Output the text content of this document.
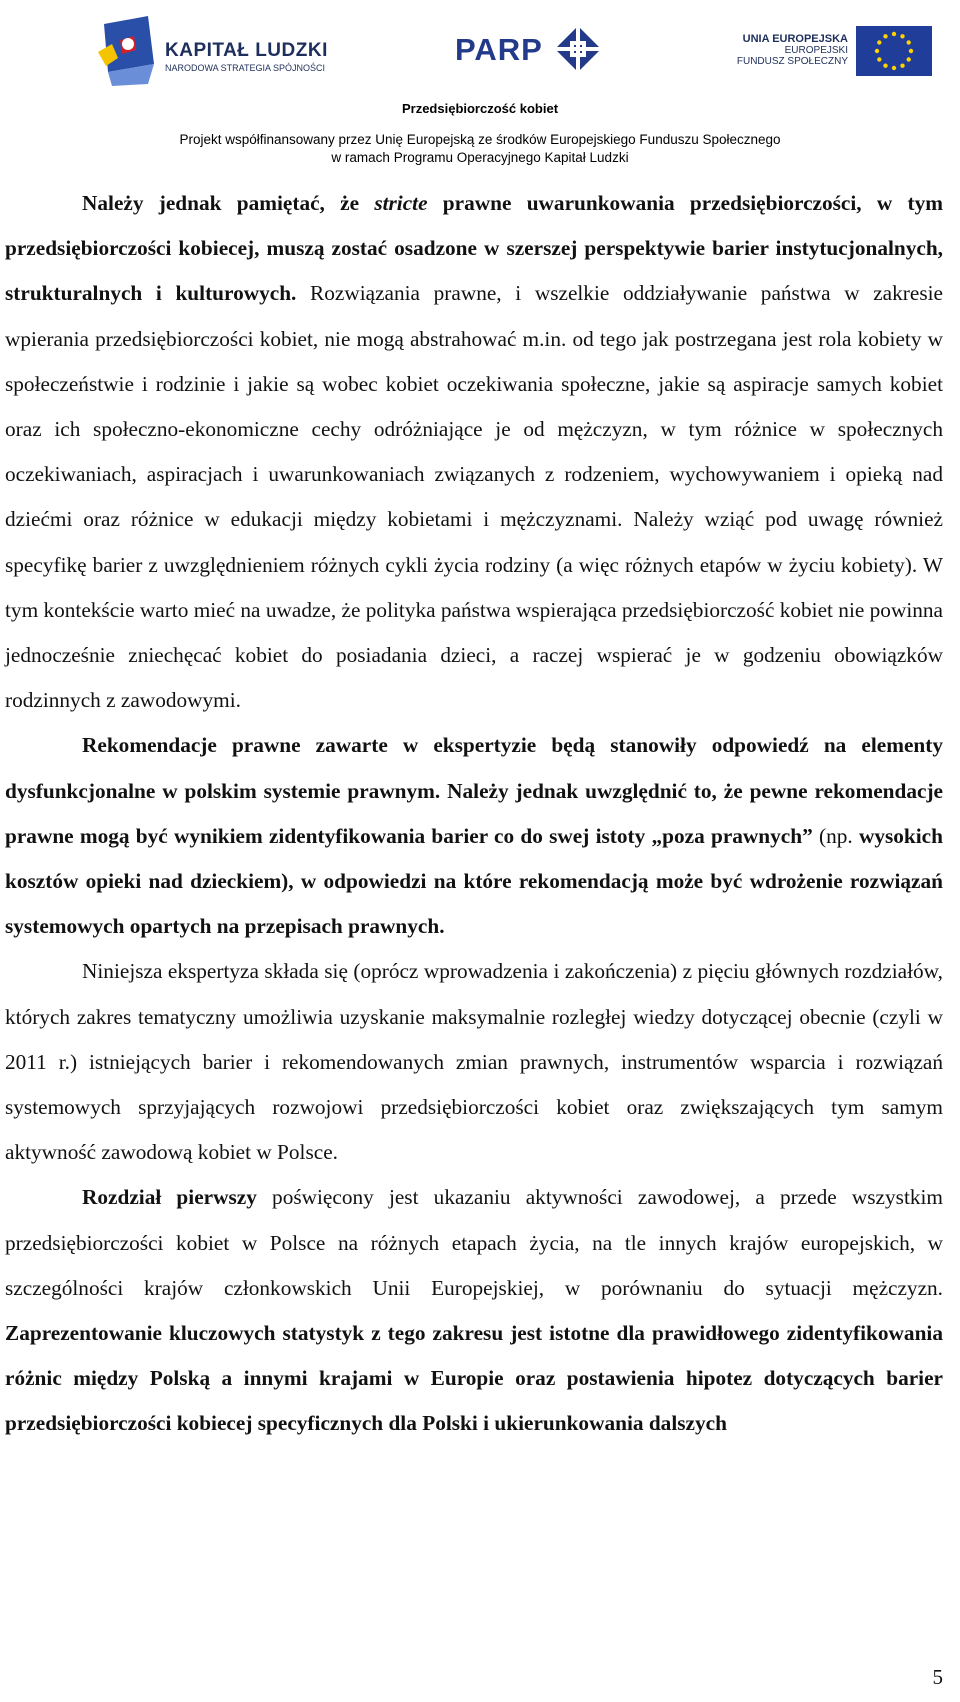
KAPITAŁ LUDZKI
NARODOWA STRATEGIA SPÓJNOŚCI
PARP	UNIA EUROPEJSKA
EUROPEJSKI
FUNDUSZ SPOŁECZNY
Przedsiębiorczość kobiet
Projekt współfinansowany przez Unię Europejską ze środków Europejskiego Funduszu Społecznego
w ramach Programu Operacyjnego Kapitał Ludzki

Należy jednak pamiętać, że stricte prawne uwarunkowania przedsiębiorczości, w tym przedsiębiorczości kobiecej, muszą zostać osadzone w szerszej perspektywie barier instytucjonalnych, strukturalnych i kulturowych. Rozwiązania prawne, i wszelkie oddziaływanie państwa w zakresie wpierania przedsiębiorczości kobiet, nie mogą abstrahować m.in. od tego jak postrzegana jest rola kobiety w społeczeństwie i rodzinie i jakie są wobec kobiet oczekiwania społeczne, jakie są aspiracje samych kobiet oraz ich społeczno-ekonomiczne cechy odróżniające je od mężczyzn, w tym różnice w społecznych oczekiwaniach, aspiracjach i uwarunkowaniach związanych z rodzeniem, wychowywaniem i opieką nad dziećmi oraz różnice w edukacji między kobietami i mężczyznami. Należy wziąć pod uwagę również specyfikę barier z uwzględnieniem różnych cykli życia rodziny (a więc różnych etapów w życiu kobiety). W tym kontekście warto mieć na uwadze, że polityka państwa wspierająca przedsiębiorczość kobiet nie powinna jednocześnie zniechęcać kobiet do posiadania dzieci, a raczej wspierać je w godzeniu obowiązków rodzinnych z zawodowymi.

Rekomendacje prawne zawarte w ekspertyzie będą stanowiły odpowiedź na elementy dysfunkcjonalne w polskim systemie prawnym. Należy jednak uwzględnić to, że pewne rekomendacje prawne mogą być wynikiem zidentyfikowania barier co do swej istoty „poza prawnych” (np. wysokich kosztów opieki nad dzieckiem), w odpowiedzi na które rekomendacją może być wdrożenie rozwiązań systemowych opartych na przepisach prawnych.

Niniejsza ekspertyza składa się (oprócz wprowadzenia i zakończenia) z pięciu głównych rozdziałów, których zakres tematyczny umożliwia uzyskanie maksymalnie rozległej wiedzy dotyczącej obecnie (czyli w 2011 r.) istniejących barier i rekomendowanych zmian prawnych, instrumentów wsparcia i rozwiązań systemowych sprzyjających rozwojowi przedsiębiorczości kobiet oraz zwiększających tym samym aktywność zawodową kobiet w Polsce.

Rozdział pierwszy poświęcony jest ukazaniu aktywności zawodowej, a przede wszystkim przedsiębiorczości kobiet w Polsce na różnych etapach życia, na tle innych krajów europejskich, w szczególności krajów członkowskich Unii Europejskiej, w porównaniu do sytuacji mężczyzn. Zaprezentowanie kluczowych statystyk z tego zakresu jest istotne dla prawidłowego zidentyfikowania różnic między Polską a innymi krajami w Europie oraz postawienia hipotez dotyczących barier przedsiębiorczości kobiecej specyficznych dla Polski i ukierunkowania dalszych

5
